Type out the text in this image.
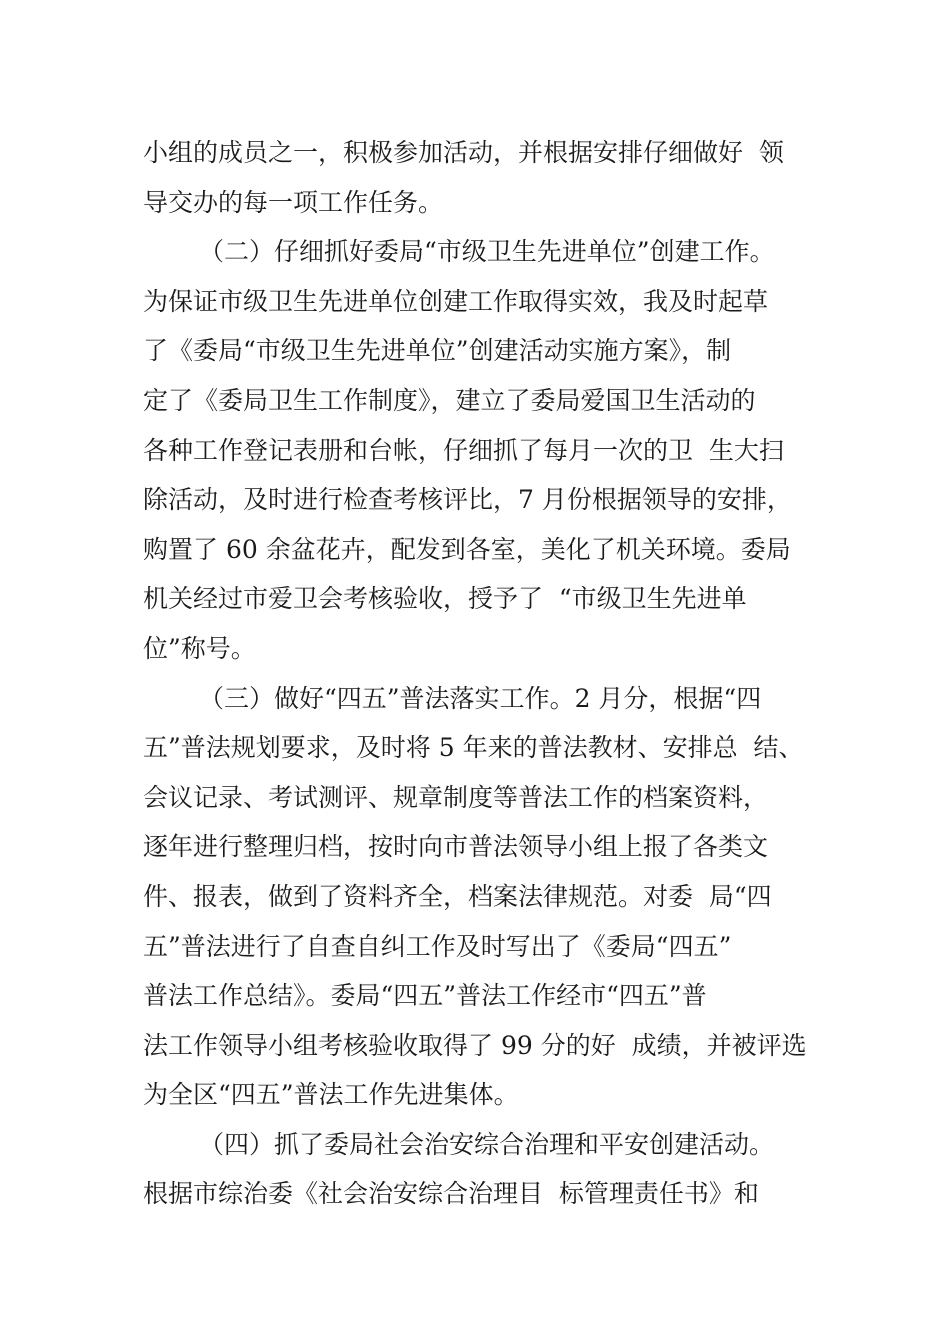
小组的成员之一，积极参加活动，并根据安排仔细做好  领
导交办的每一项工作任务。
（二）仔细抓好委局“市级卫生先进单位”创建工作。
为保证市级卫生先进单位创建工作取得实效，我及时起草
了《委局“市级卫生先进单位”创建活动实施方案》，制
定了《委局卫生工作制度》，建立了委局爱国卫生活动的
各种工作登记表册和台帐，仔细抓了每月一次的卫  生大扫
除活动，及时进行检查考核评比，7 月份根据领导的安排，
购置了 60 余盆花卉，配发到各室，美化了机关环境。委局
机关经过市爱卫会考核验收，授予了  “市级卫生先进单
位”称号。
（三）做好“四五”普法落实工作。2 月分，根据“四
五”普法规划要求，及时将 5 年来的普法教材、安排总  结、
会议记录、考试测评、规章制度等普法工作的档案资料，
逐年进行整理归档，按时向市普法领导小组上报了各类文
件、报表，做到了资料齐全，档案法律规范。对委  局“四
五”普法进行了自查自纠工作及时写出了《委局“四五”
普法工作总结》。委局“四五”普法工作经市“四五”普
法工作领导小组考核验收取得了 99 分的好  成绩，并被评选
为全区“四五”普法工作先进集体。
（四）抓了委局社会治安综合治理和平安创建活动。
根据市综治委《社会治安综合治理目  标管理责任书》和
